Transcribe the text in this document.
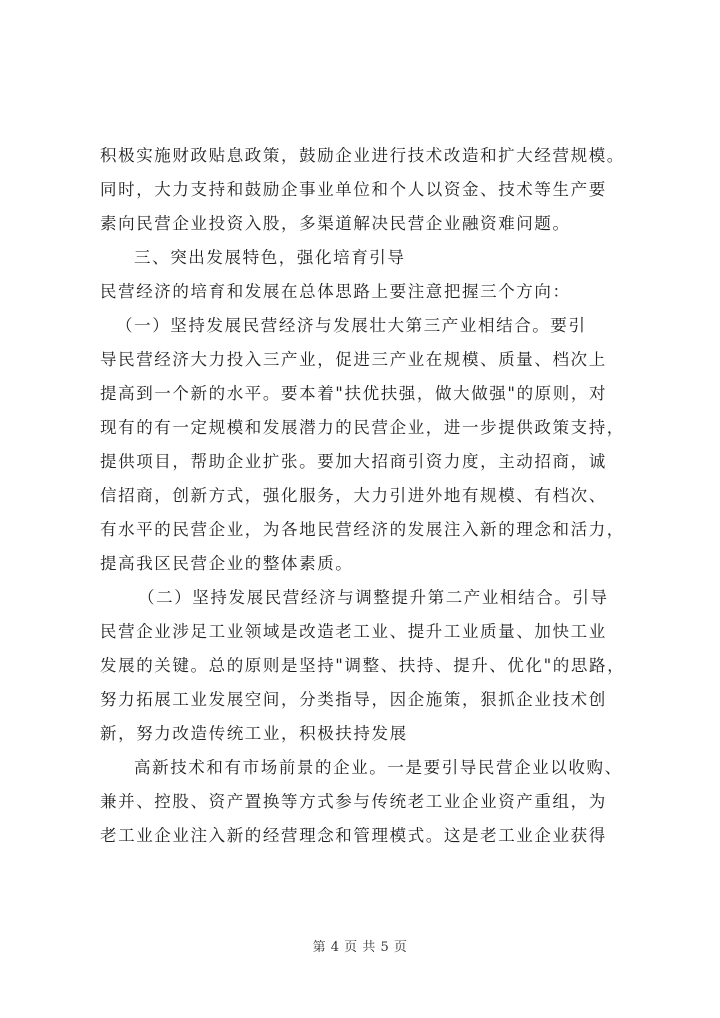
积极实施财政贴息政策，鼓励企业进行技术改造和扩大经营规模。
同时，大力支持和鼓励企事业单位和个人以资金、技术等生产要
素向民营企业投资入股，多渠道解决民营企业融资难问题。
三、突出发展特色，强化培育引导
民营经济的培育和发展在总体思路上要注意把握三个方向：
（一）坚持发展民营经济与发展壮大第三产业相结合。要引
导民营经济大力投入三产业，促进三产业在规模、质量、档次上
提高到一个新的水平。要本着"扶优扶强，做大做强"的原则，对
现有的有一定规模和发展潜力的民营企业，进一步提供政策支持，
提供项目，帮助企业扩张。要加大招商引资力度，主动招商，诚
信招商，创新方式，强化服务，大力引进外地有规模、有档次、
有水平的民营企业，为各地民营经济的发展注入新的理念和活力，
提高我区民营企业的整体素质。
（二）坚持发展民营经济与调整提升第二产业相结合。引导
民营企业涉足工业领域是改造老工业、提升工业质量、加快工业
发展的关键。总的原则是坚持"调整、扶持、提升、优化"的思路，
努力拓展工业发展空间，分类指导，因企施策，狠抓企业技术创
新，努力改造传统工业，积极扶持发展
高新技术和有市场前景的企业。一是要引导民营企业以收购、
兼并、控股、资产置换等方式参与传统老工业企业资产重组，为
老工业企业注入新的经营理念和管理模式。这是老工业企业获得
第 4 页 共 5 页
